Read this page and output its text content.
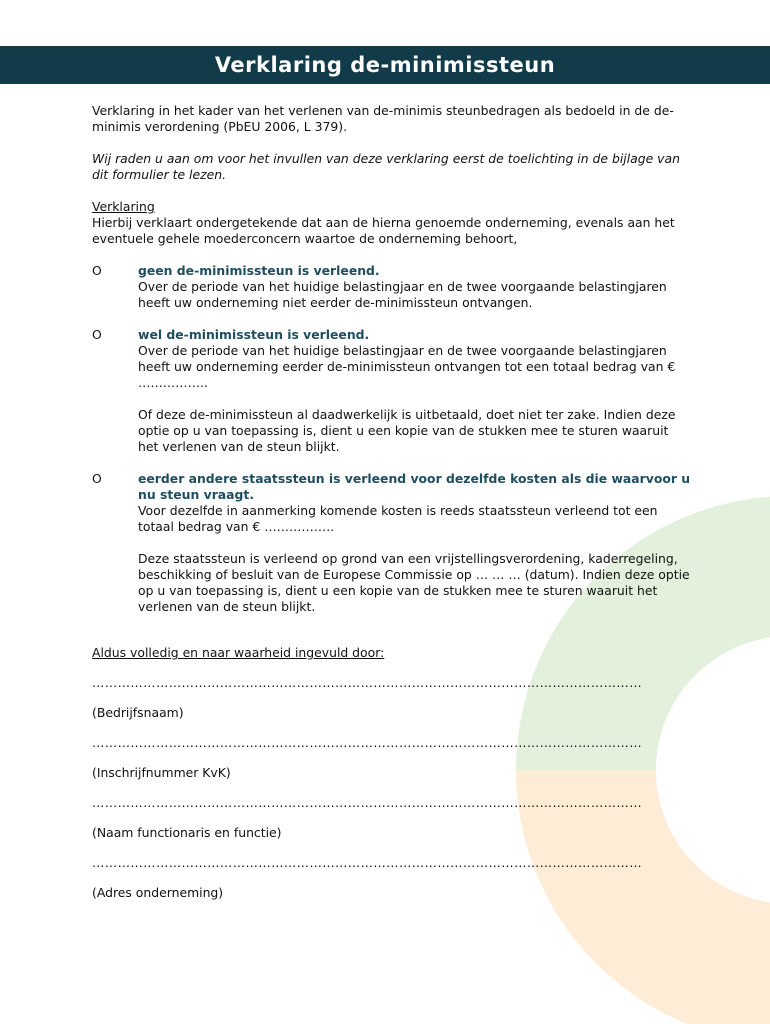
Verklaring de-minimissteun

Verklaring in het kader van het verlenen van de-minimis steunbedragen als bedoeld in de de-minimis verordening (PbEU 2006, L 379).

Wij raden u aan om voor het invullen van deze verklaring eerst de toelichting in de bijlage van dit formulier te lezen.

Verklaring
Hierbij verklaart ondergetekende dat aan de hierna genoemde onderneming, evenals aan het eventuele gehele moederconcern waartoe de onderneming behoort,
O	geen de-minimissteun is verleend.
Over de periode van het huidige belastingjaar en de twee voorgaande belastingjaren heeft uw onderneming niet eerder de-minimissteun ontvangen.
O	wel de-minimissteun is verleend.
Over de periode van het huidige belastingjaar en de twee voorgaande belastingjaren heeft uw onderneming eerder de-minimissteun ontvangen tot een totaal bedrag van € ……………..
Of deze de-minimissteun al daadwerkelijk is uitbetaald, doet niet ter zake. Indien deze optie op u van toepassing is, dient u een kopie van de stukken mee te sturen waaruit het verlenen van de steun blijkt.
O	eerder andere staatssteun is verleend voor dezelfde kosten als die waarvoor u nu steun vraagt.
Voor dezelfde in aanmerking komende kosten is reeds staatssteun verleend tot een totaal bedrag van € ……………..
Deze staatssteun is verleend op grond van een vrijstellingsverordening, kaderregeling, beschikking of besluit van de Europese Commissie op … … … (datum). Indien deze optie op u van toepassing is, dient u een kopie van de stukken mee te sturen waaruit het verlenen van de steun blijkt.
Aldus volledig en naar waarheid ingevuld door:
…………………………………………………………………………………………………………………
(Bedrijfsnaam)
…………………………………………………………………………………………………………………
(Inschrijfnummer KvK)
…………………………………………………………………………………………………………………
(Naam functionaris en functie)
…………………………………………………………………………………………………………………
(Adres onderneming)
